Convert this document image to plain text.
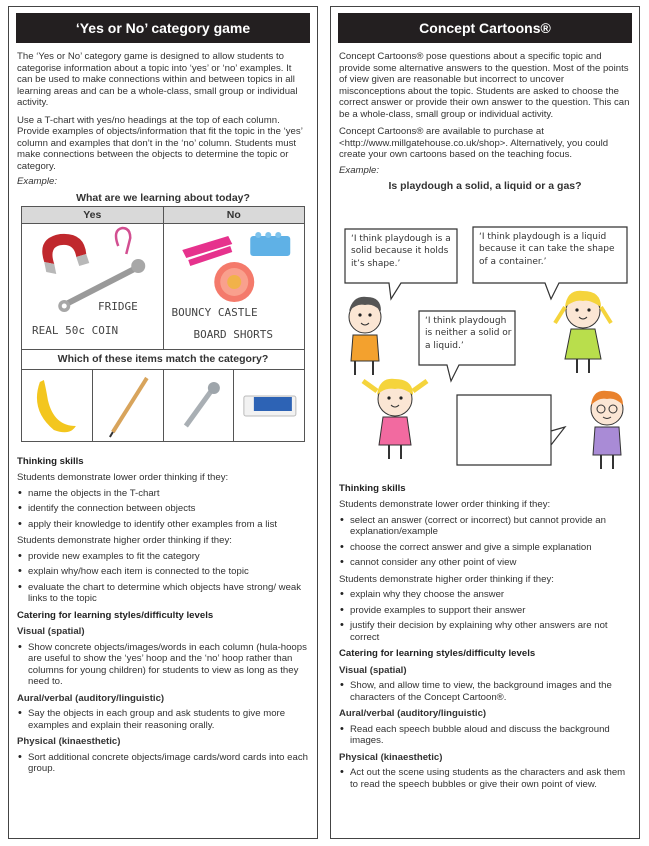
‘Yes or No’ category game

The ‘Yes or No’ category game is designed to allow students to categorise information about a topic into ‘yes’ or ‘no’ examples. It can be used to make connections within and between topics in all learning areas and can be a whole-class, small group or individual activity.

Use a T-chart with yes/no headings at the top of each column. Provide examples of objects/information that fit the topic in the ‘yes’ column and examples that don’t in the ‘no’ column. Students must make connections between the objects to determine the topic or category.

Example:
What are we learning about today?
Yes	No
FRIDGE
REAL 50c COIN
BOUNCY CASTLE
BOARD SHORTS
Which of these items match the category?
Thinking skills
Students demonstrate lower order thinking if they:
• name the objects in the T-chart
• identify the connection between objects
• apply their knowledge to identify other examples from a list
Students demonstrate higher order thinking if they:
• provide new examples to fit the category
• explain why/how each item is connected to the topic
• evaluate the chart to determine which objects have strong/ weak links to the topic
Catering for learning styles/difficulty levels
Visual (spatial)
• Show concrete objects/images/words in each column (hula-hoops are useful to show the ‘yes’ hoop and the ‘no’ hoop rather than columns for young children) for students to view as long as they need to.
Aural/verbal (auditory/linguistic)
• Say the objects in each group and ask students to give more examples and explain their reasoning orally.
Physical (kinaesthetic)
• Sort additional concrete objects/image cards/word cards into each group.
Concept Cartoons®

Concept Cartoons® pose questions about a specific topic and provide some alternative answers to the question. Most of the points of view given are reasonable but incorrect to uncover misconceptions about the topic. Students are asked to choose the correct answer or provide their own answer to the question. This can be a whole-class, small group or individual activity.

Concept Cartoons® are available to purchase at <http://www.millgatehouse.co.uk/shop>. Alternatively, you could create your own cartoons based on the teaching focus.

Example:
Is playdough a solid, a liquid or a gas?
‘I think playdough is a solid because it holds it’s shape.’
‘I think playdough is a liquid because it can take the shape of a container.’
‘I think playdough is neither a solid or a liquid.’
Thinking skills
Students demonstrate lower order thinking if they:
• select an answer (correct or incorrect) but cannot provide an explanation/example
• choose the correct answer and give a simple explanation
• cannot consider any other point of view
Students demonstrate higher order thinking if they:
• explain why they choose the answer
• provide examples to support their answer
• justify their decision by explaining why other answers are not correct
Catering for learning styles/difficulty levels
Visual (spatial)
• Show, and allow time to view, the background images and the characters of the Concept Cartoon®.
Aural/verbal (auditory/linguistic)
• Read each speech bubble aloud and discuss the background images.
Physical (kinaesthetic)
• Act out the scene using students as the characters and ask them to read the speech bubbles or give their own point of view.
